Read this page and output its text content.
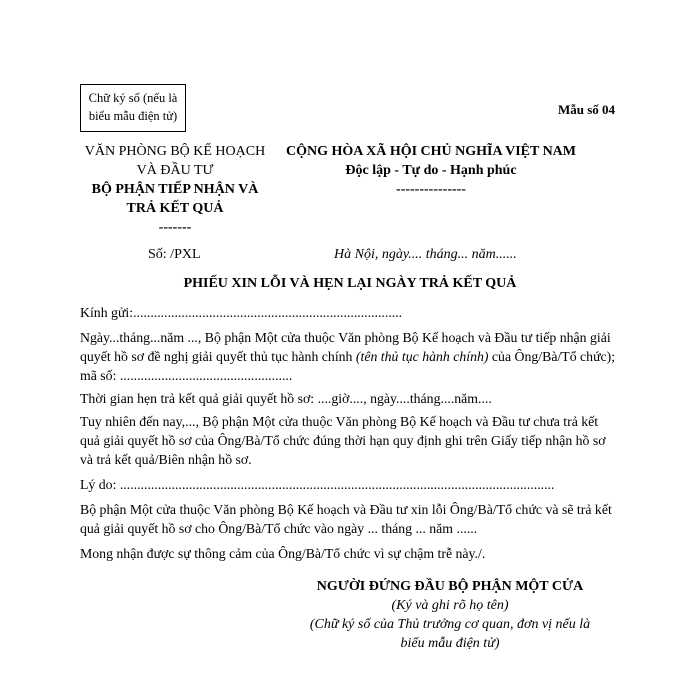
Chữ ký số (nếu là
biểu mẫu điện tử)	Mẫu số 04
VĂN PHÒNG BỘ KẾ HOẠCH
VÀ ĐẦU TƯ
BỘ PHẬN TIẾP NHẬN VÀ
TRẢ KẾT QUẢ
-------
CỘNG HÒA XÃ HỘI CHỦ NGHĨA VIỆT NAM
Độc lập - Tự do - Hạnh phúc
---------------
Số: /PXL	Hà Nội, ngày.... tháng... năm......
PHIẾU XIN LỖI VÀ HẸN LẠI NGÀY TRẢ KẾT QUẢ
Kính gửi:..............................................................................
Ngày...tháng...năm ..., Bộ phận Một cửa thuộc Văn phòng Bộ Kế hoạch và Đầu tư tiếp nhận giải quyết hồ sơ đề nghị giải quyết thủ tục hành chính (tên thủ tục hành chính) của Ông/Bà/Tổ chức); mã số: ..................................................
Thời gian hẹn trả kết quả giải quyết hồ sơ: ....giờ...., ngày....tháng....năm....
Tuy nhiên đến nay,..., Bộ phận Một cửa thuộc Văn phòng Bộ Kế hoạch và Đầu tư chưa trả kết quả giải quyết hồ sơ của Ông/Bà/Tổ chức đúng thời hạn quy định ghi trên Giấy tiếp nhận hồ sơ và trả kết quả/Biên nhận hồ sơ.
Lý do: ..............................................................................................................................
Bộ phận Một cửa thuộc Văn phòng Bộ Kế hoạch và Đầu tư xin lỗi Ông/Bà/Tổ chức và sẽ trả kết quả giải quyết hồ sơ cho Ông/Bà/Tổ chức vào ngày ... tháng ... năm ......
Mong nhận được sự thông cảm của Ông/Bà/Tổ chức vì sự chậm trễ này./.
NGƯỜI ĐỨNG ĐẦU BỘ PHẬN MỘT CỬA
(Ký và ghi rõ họ tên)
(Chữ ký số của Thủ trưởng cơ quan, đơn vị nếu là
biểu mẫu điện tử)
